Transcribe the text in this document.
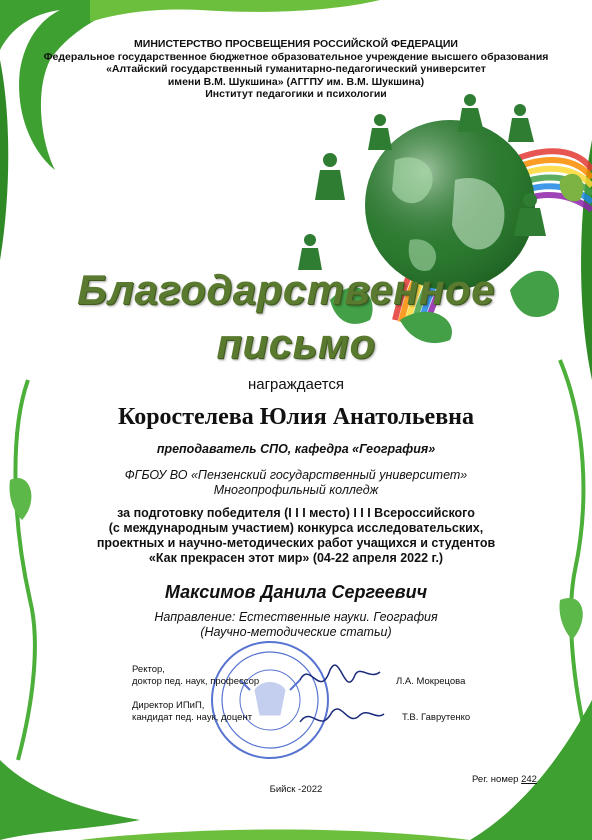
МИНИСТЕРСТВО ПРОСВЕЩЕНИЯ РОССИЙСКОЙ ФЕДЕРАЦИИ
Федеральное государственное бюджетное образовательное учреждение высшего образования
«Алтайский государственный гуманитарно-педагогический университет
имени В.М. Шукшина» (АГГПУ им. В.М. Шукшина)
Институт педагогики и психологии
Благодарственное
письмо
награждается
Коростелева Юлия Анатольевна
преподаватель СПО, кафедра «География»
ФГБОУ ВО «Пензенский государственный университет»
Многопрофильный колледж
за подготовку победителя (I I I место) I I I Всероссийского
(с международным участием) конкурса исследовательских,
проектных и научно-методических работ учащихся и студентов
«Как прекрасен этот мир» (04-22 апреля 2022 г.)
Максимов Данила Сергеевич
Направление: Естественные науки. География
(Научно-методические статьи)
Ректор,
доктор пед. наук, профессор	Л.А. Мокрецова
Директор ИПиП,
кандидат пед. наук, доцент	Т.В. Гаврутенко
Рег. номер 242
Бийск -2022
